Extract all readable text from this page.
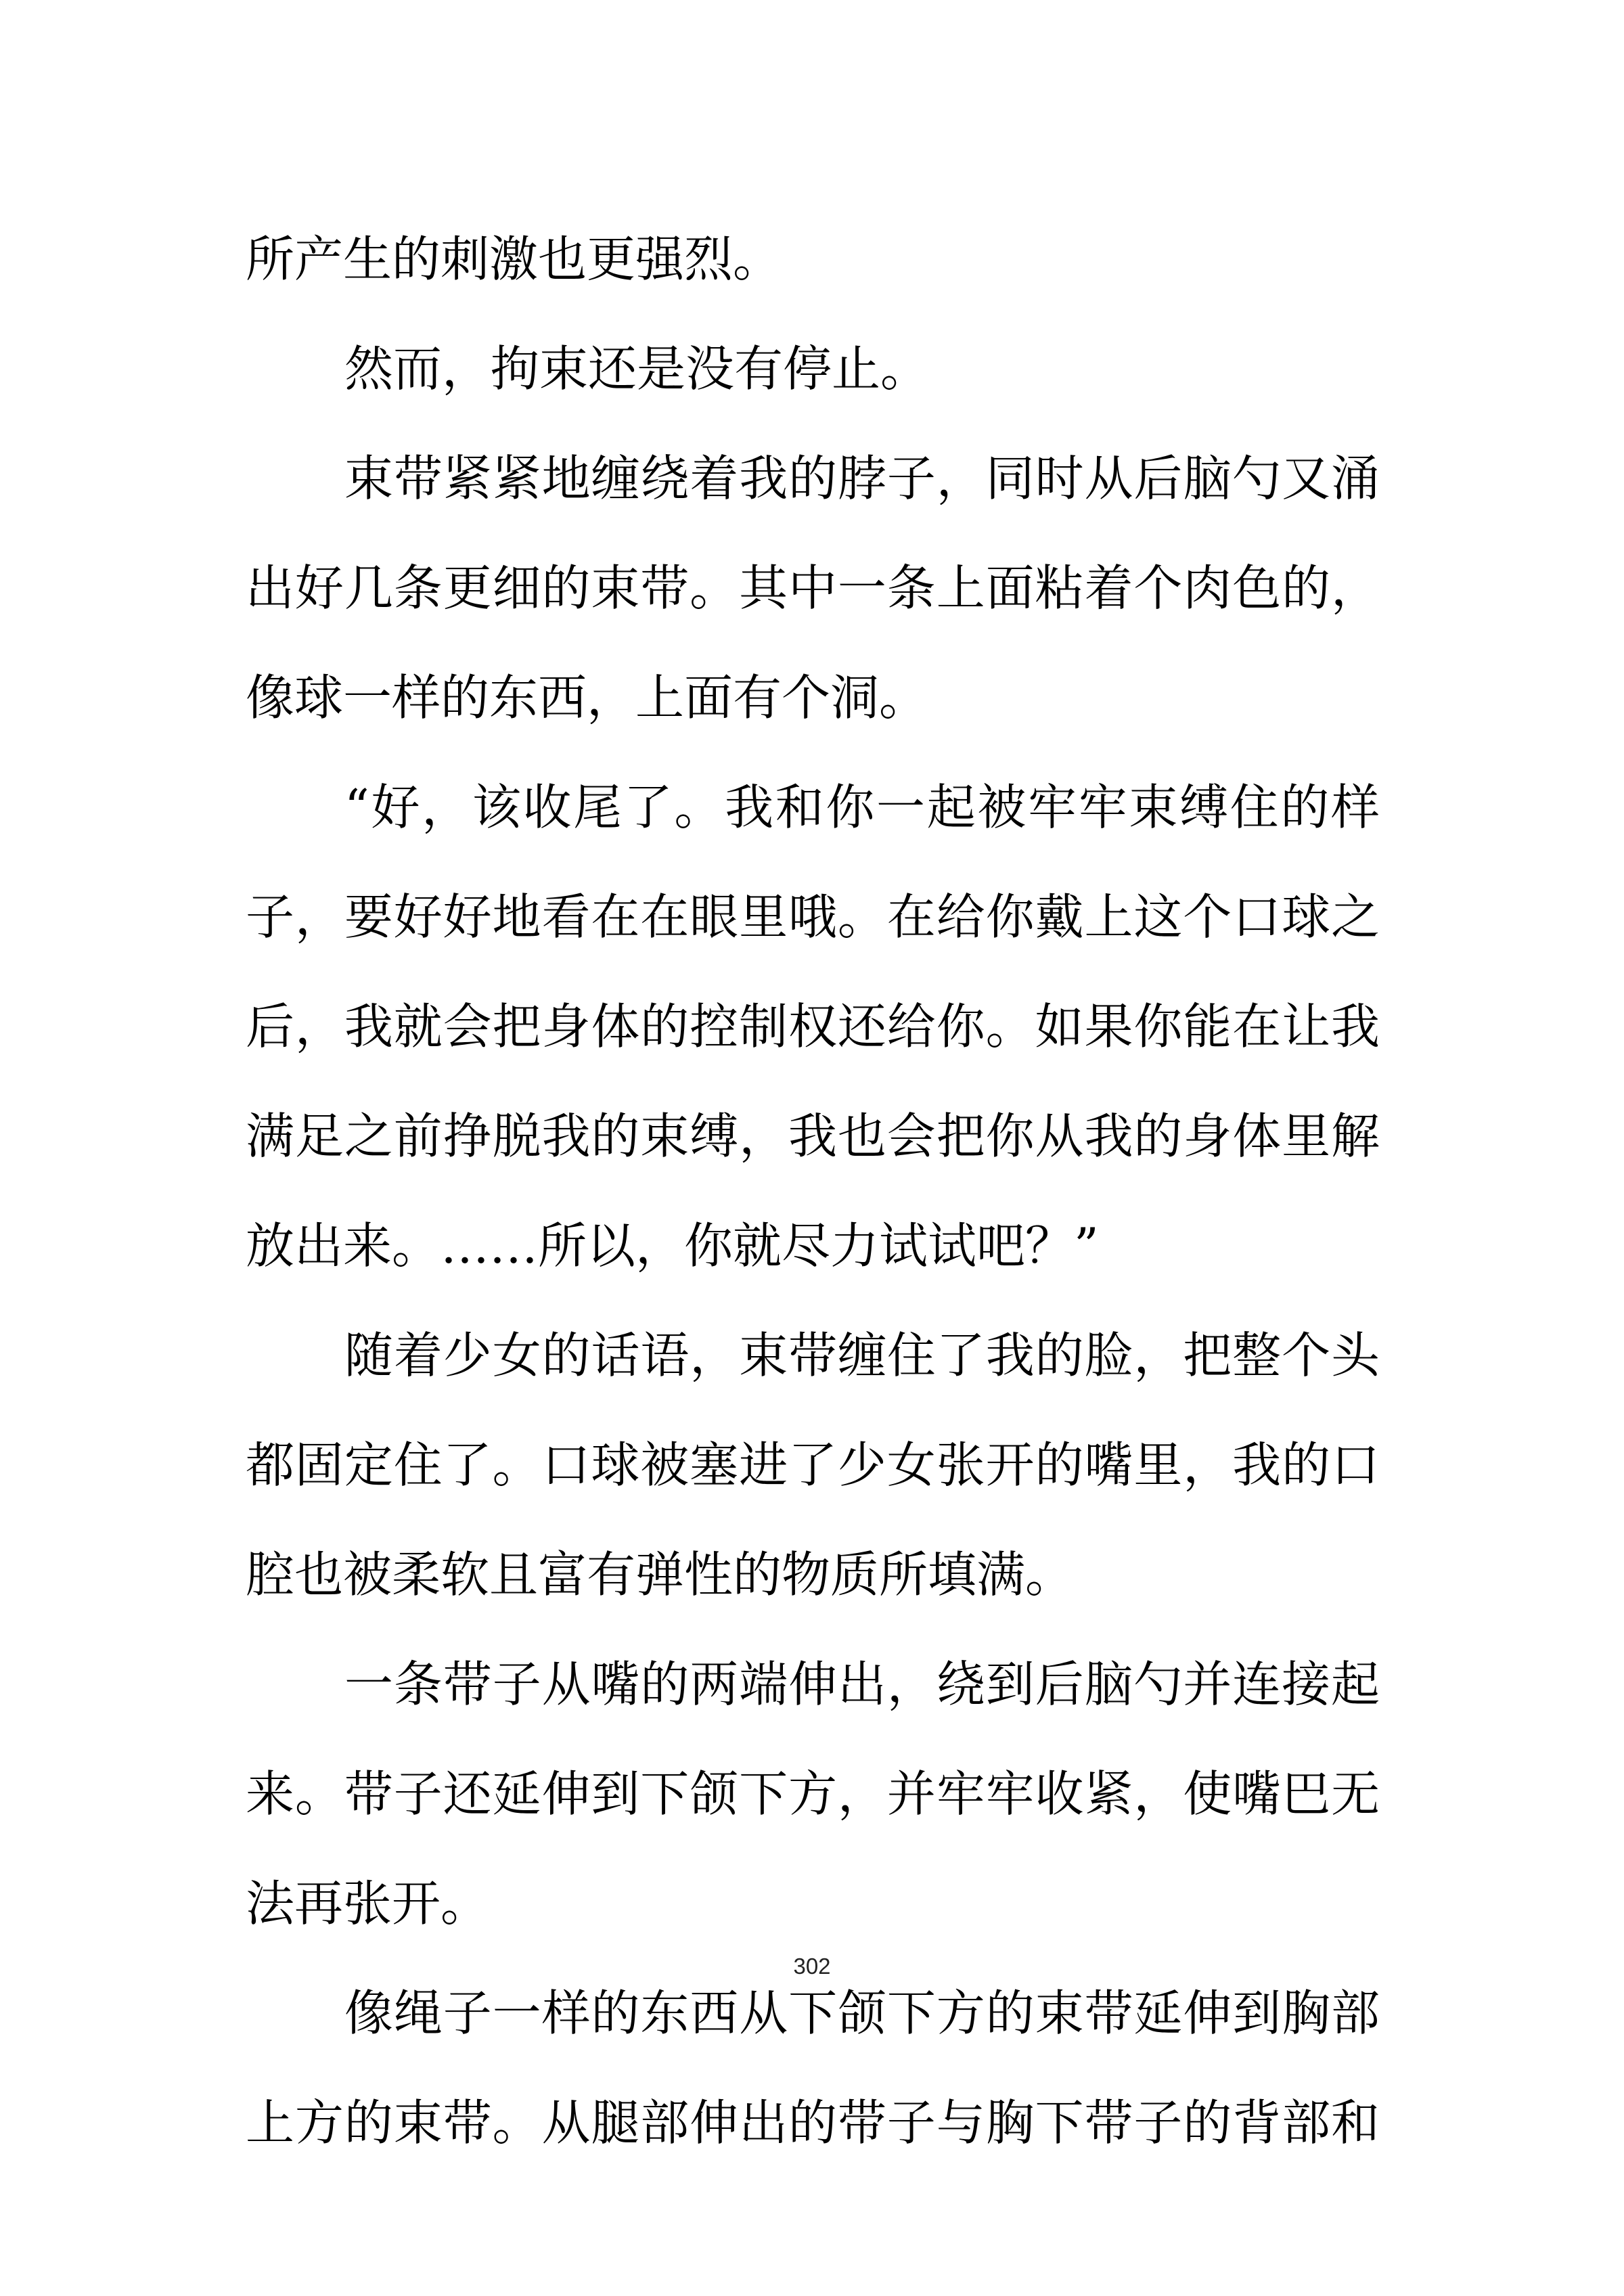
所产生的刺激也更强烈。
然而，拘束还是没有停止。
束带紧紧地缠绕着我的脖子，同时从后脑勺又涌
出好几条更细的束带。其中一条上面粘着个肉色的，
像球一样的东西，上面有个洞。
“好，该收尾了。我和你一起被牢牢束缚住的样
子，要好好地看在在眼里哦。在给你戴上这个口球之
后，我就会把身体的控制权还给你。如果你能在让我
满足之前挣脱我的束缚，我也会把你从我的身体里解
放出来。……所以，你就尽力试试吧？”
随着少女的话语，束带缠住了我的脸，把整个头
都固定住了。口球被塞进了少女张开的嘴里，我的口
腔也被柔软且富有弹性的物质所填满。
一条带子从嘴的两端伸出，绕到后脑勺并连接起
来。带子还延伸到下颌下方，并牢牢收紧，使嘴巴无
法再张开。
像绳子一样的东西从下颌下方的束带延伸到胸部
上方的束带。从腿部伸出的带子与胸下带子的背部和
302
